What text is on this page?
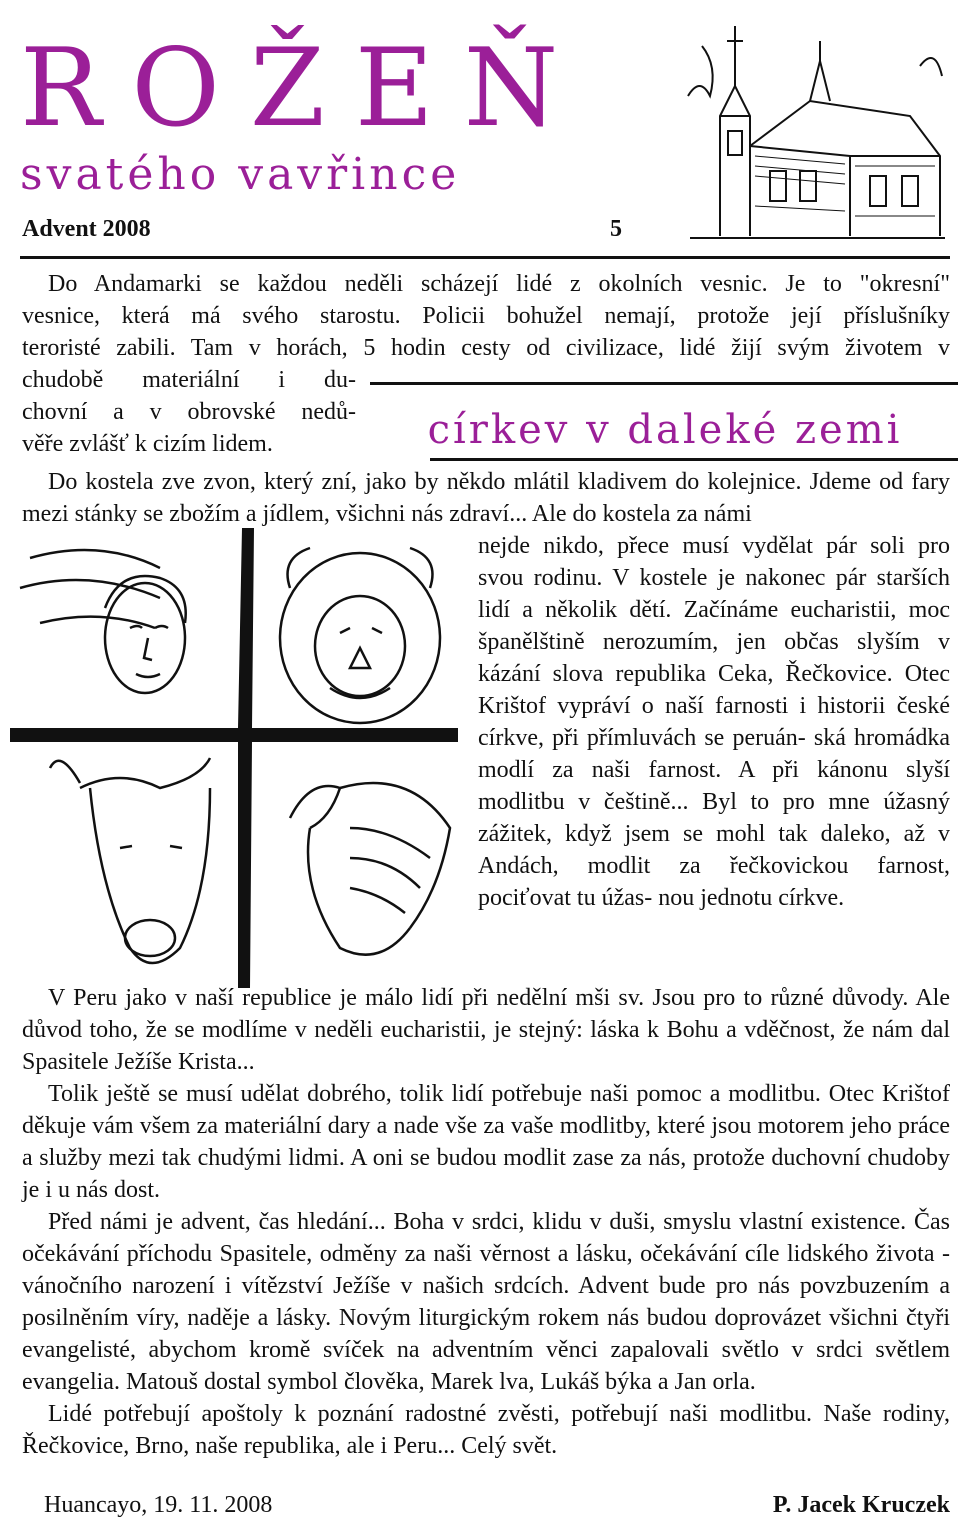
ROŽEŇ
svatého vavřince
Advent 2008	5

Do Andamarki se každou neděli scházejí lidé z okolních vesnic. Je to "okresní"

vesnice, která má svého starostu. Policii bohužel nemají, protože její příslušníky

teroristé zabili. Tam v horách, 5 hodin cesty od civilizace, lidé žijí svým životem v

chudobě materiální i du-

chovní a v obrovské nedů-

věře zvlášť k cizím lidem.	církev v daleké zemi

Do kostela zve zvon, který zní, jako by někdo mlátil kladivem do kolejnice. Jdeme od fary mezi stánky se zbožím a jídlem, všichni nás zdraví... Ale do kostela za námi

nejde nikdo, přece musí vydělat pár soli pro svou rodinu. V kostele je nakonec pár starších lidí a několik dětí. Začínáme eucharistii, moc španělštině nerozumím, jen občas slyším v kázání slova republika Ceka, Řečkovice. Otec Krištof vypráví o naší farnosti i historii české církve, při přímluvách se peruán- ská hromádka modlí za naši farnost. A při kánonu slyší modlitbu v češtině... Byl to pro mne úžasný zážitek, když jsem se mohl tak daleko, až v Andách, modlit za řečkovickou farnost, pociťovat tu úžas- nou jednotu církve.

V Peru jako v naší republice je málo lidí při nedělní mši sv. Jsou pro to různé důvody. Ale důvod toho, že se modlíme v neděli eucharistii, je stejný: láska k Bohu a vděčnost, že nám dal Spasitele Ježíše Krista...

Tolik ještě se musí udělat dobrého, tolik lidí potřebuje naši pomoc a modlitbu. Otec Krištof děkuje vám všem za materiální dary a nade vše za vaše modlitby, které jsou motorem jeho práce a služby mezi tak chudými lidmi. A oni se budou modlit zase za nás, protože duchovní chudoby je i u nás dost.

Před námi je advent, čas hledání... Boha v srdci, klidu v duši, smyslu vlastní existence. Čas očekávání příchodu Spasitele, odměny za naši věrnost a lásku, očekávání cíle lidského života - vánočního narození i vítězství Ježíše v našich srdcích. Advent bude pro nás povzbuzením a posilněním víry, naděje a lásky. Novým liturgickým rokem nás budou doprovázet všichni čtyři evangelisté, abychom kromě svíček na adventním věnci zapalovali světlo v srdci světlem evangelia. Matouš dostal symbol člověka, Marek lva, Lukáš býka a Jan orla.

Lidé potřebují apoštoly k poznání radostné zvěsti, potřebují naši modlitbu. Naše rodiny, Řečkovice, Brno, naše republika, ale i Peru... Celý svět.

Huancayo, 19. 11. 2008	P. Jacek Kruczek
